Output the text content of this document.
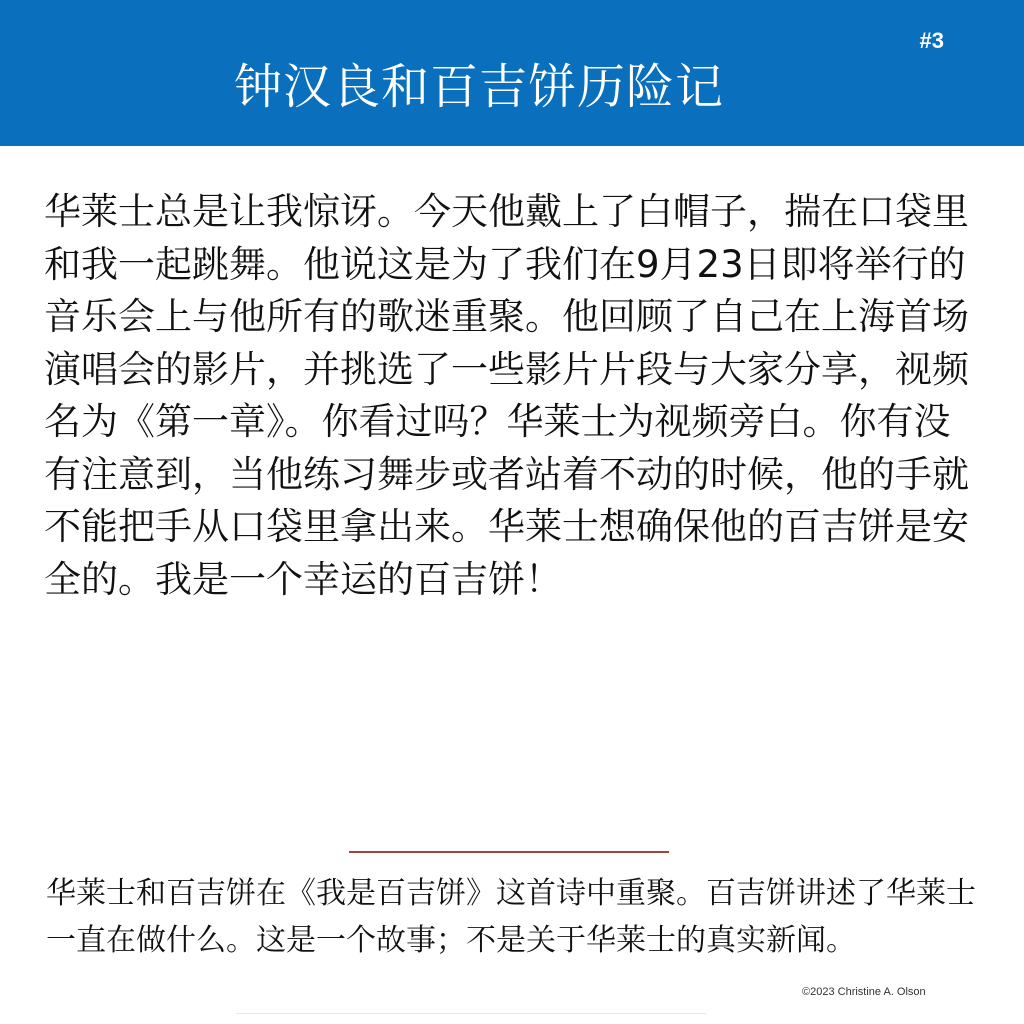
钟汉良和百吉饼历险记
#3
华莱士总是让我惊讶。今天他戴上了白帽子，揣在口袋里和我一起跳舞。他说这是为了我们在9月23日即将举行的音乐会上与他所有的歌迷重聚。他回顾了自己在上海首场演唱会的影片，并挑选了一些影片片段与大家分享，视频名为《第一章》。你看过吗？华莱士为视频旁白。你有没有注意到，当他练习舞步或者站着不动的时候，他的手就不能把手从口袋里拿出来。华莱士想确保他的百吉饼是安全的。我是一个幸运的百吉饼！
华莱士和百吉饼在《我是百吉饼》这首诗中重聚。百吉饼讲述了华莱士一直在做什么。这是一个故事；不是关于华莱士的真实新闻。
©2023 Christine A. Olson
